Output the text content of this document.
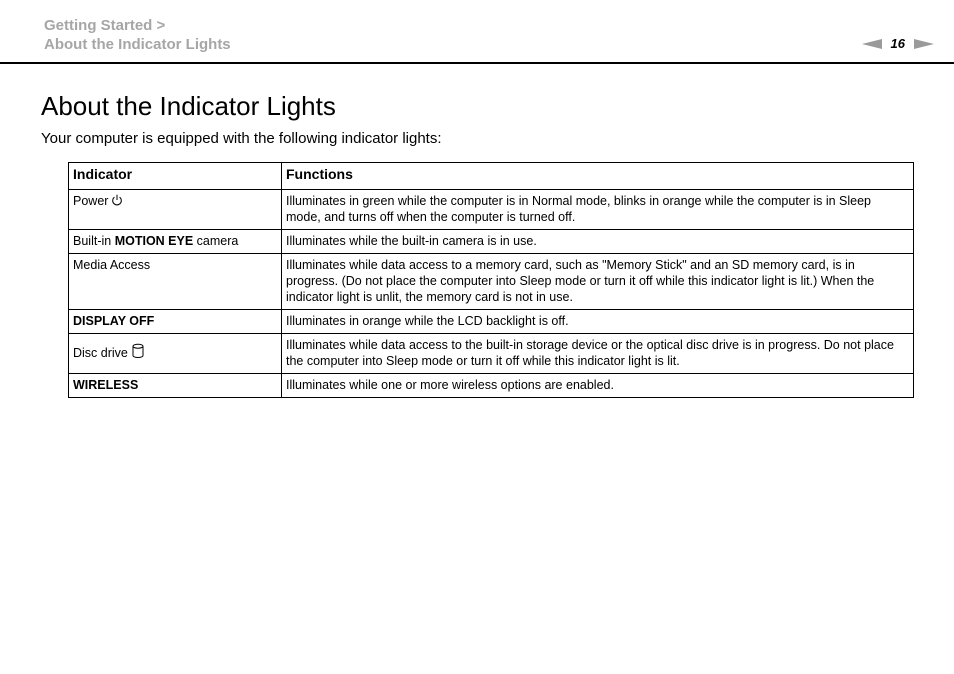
Getting Started >
About the Indicator Lights	16
About the Indicator Lights

Your computer is equipped with the following indicator lights:

Indicator	Functions
Power	Illuminates in green while the computer is in Normal mode, blinks in orange while the computer is in Sleep mode, and turns off when the computer is turned off.
Built-in MOTION EYE camera	Illuminates while the built-in camera is in use.
Media Access	Illuminates while data access to a memory card, such as "Memory Stick" and an SD memory card, is in progress. (Do not place the computer into Sleep mode or turn it off while this indicator light is lit.) When the indicator light is unlit, the memory card is not in use.
DISPLAY OFF	Illuminates in orange while the LCD backlight is off.
Disc drive	Illuminates while data access to the built-in storage device or the optical disc drive is in progress. Do not place the computer into Sleep mode or turn it off while this indicator light is lit.
WIRELESS	Illuminates while one or more wireless options are enabled.
